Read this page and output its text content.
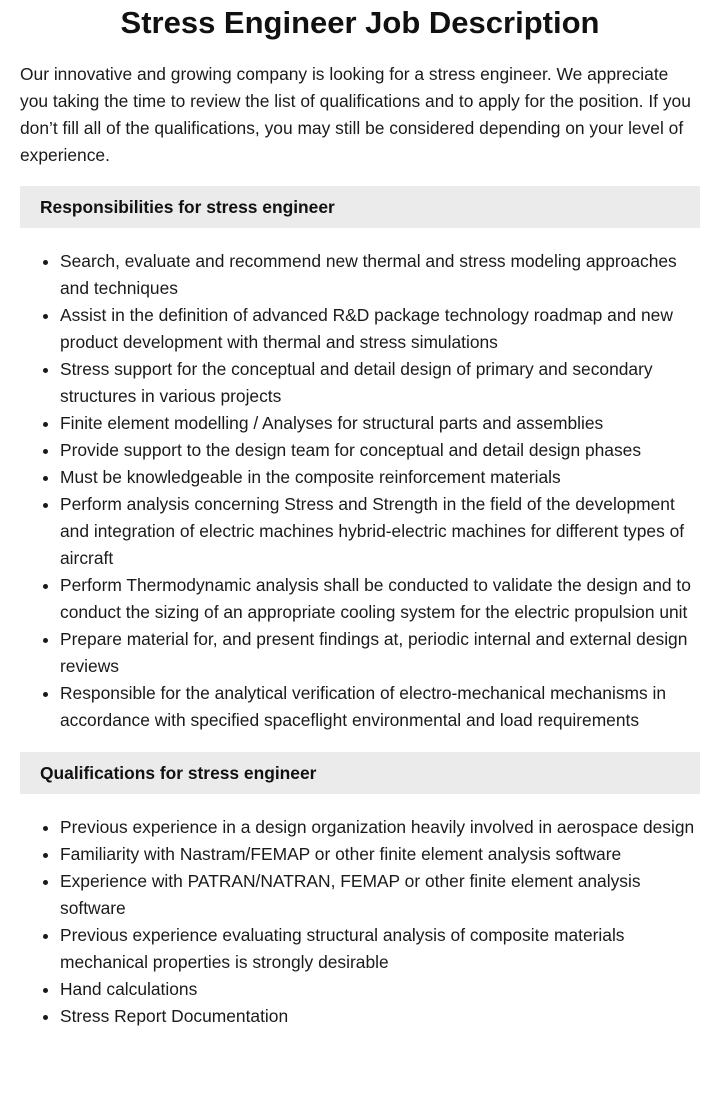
Stress Engineer Job Description

Our innovative and growing company is looking for a stress engineer. We appreciate you taking the time to review the list of qualifications and to apply for the position. If you don’t fill all of the qualifications, you may still be considered depending on your level of experience.

Responsibilities for stress engineer
• Search, evaluate and recommend new thermal and stress modeling approaches and techniques
• Assist in the definition of advanced R&D package technology roadmap and new product development with thermal and stress simulations
• Stress support for the conceptual and detail design of primary and secondary structures in various projects
• Finite element modelling / Analyses for structural parts and assemblies
• Provide support to the design team for conceptual and detail design phases
• Must be knowledgeable in the composite reinforcement materials
• Perform analysis concerning Stress and Strength in the field of the development and integration of electric machines hybrid-electric machines for different types of aircraft
• Perform Thermodynamic analysis shall be conducted to validate the design and to conduct the sizing of an appropriate cooling system for the electric propulsion unit
• Prepare material for, and present findings at, periodic internal and external design reviews
• Responsible for the analytical verification of electro-mechanical mechanisms in accordance with specified spaceflight environmental and load requirements
Qualifications for stress engineer
• Previous experience in a design organization heavily involved in aerospace design
• Familiarity with Nastram/FEMAP or other finite element analysis software
• Experience with PATRAN/NATRAN, FEMAP or other finite element analysis software
• Previous experience evaluating structural analysis of composite materials mechanical properties is strongly desirable
• Hand calculations
• Stress Report Documentation
